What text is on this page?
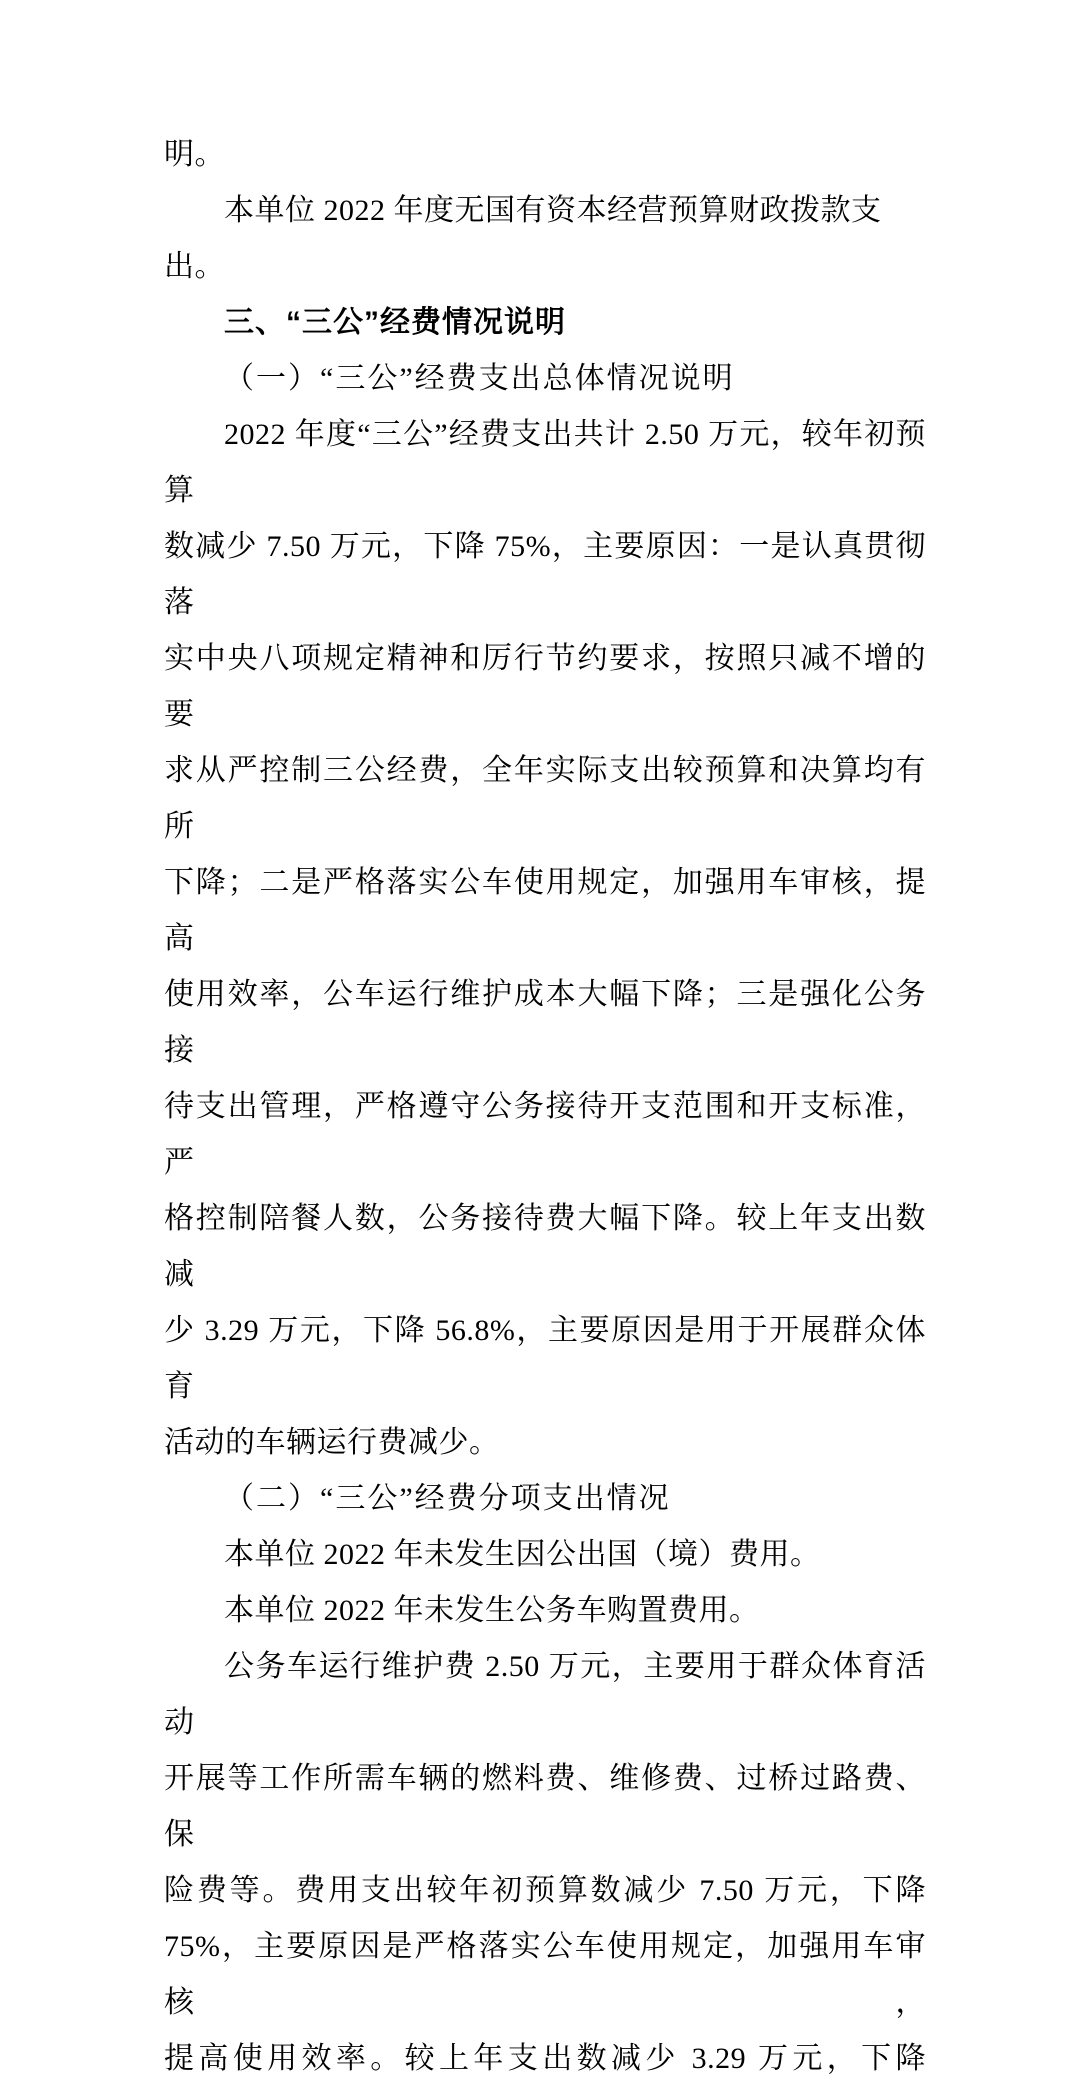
明。
本单位 2022 年度无国有资本经营预算财政拨款支出。
三、“三公”经费情况说明
（一）“三公”经费支出总体情况说明
2022 年度“三公”经费支出共计 2.50 万元，较年初预算
数减少 7.50 万元，下降 75%，主要原因：一是认真贯彻落
实中央八项规定精神和厉行节约要求，按照只减不增的要
求从严控制三公经费，全年实际支出较预算和决算均有所
下降；二是严格落实公车使用规定，加强用车审核，提高
使用效率，公车运行维护成本大幅下降；三是强化公务接
待支出管理，严格遵守公务接待开支范围和开支标准，严
格控制陪餐人数，公务接待费大幅下降。较上年支出数减
少 3.29 万元，下降 56.8%，主要原因是用于开展群众体育
活动的车辆运行费减少。
（二）“三公”经费分项支出情况
本单位 2022 年未发生因公出国（境）费用。
本单位 2022 年未发生公务车购置费用。
公务车运行维护费 2.50 万元，主要用于群众体育活动
开展等工作所需车辆的燃料费、维修费、过桥过路费、保
险费等。费用支出较年初预算数减少 7.50 万元，下降
75%，主要原因是严格落实公车使用规定，加强用车审核，
提高使用效率。较上年支出数减少 3.29 万元，下降
